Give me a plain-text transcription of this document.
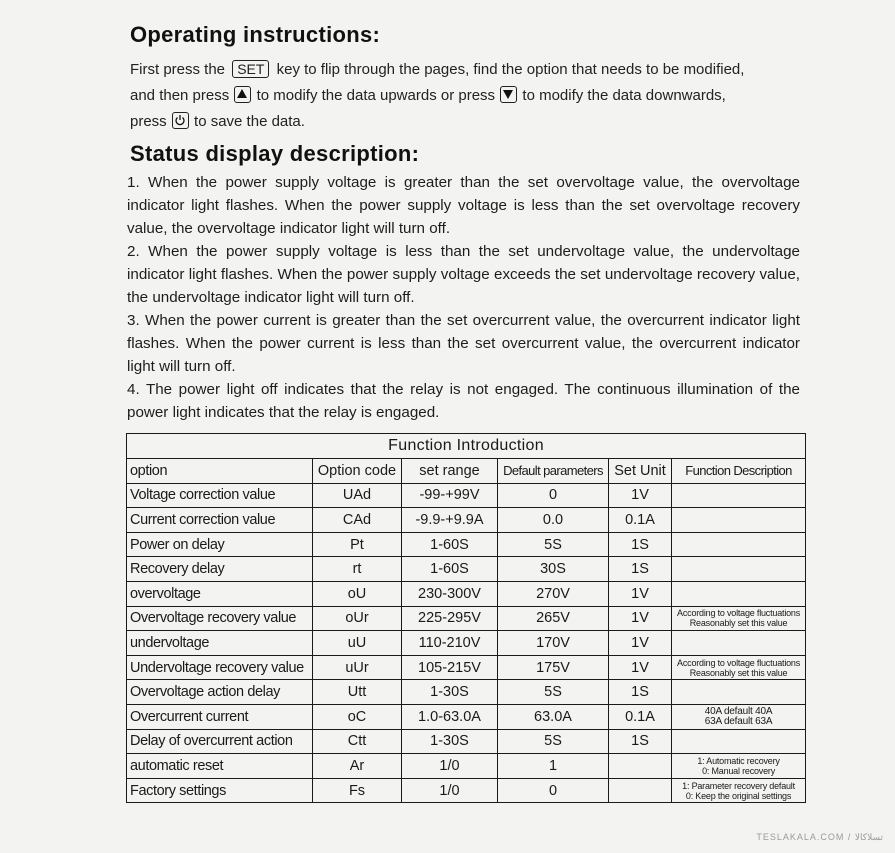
Operating instructions:
First press the SET key to flip through the pages, find the option that needs to be modified,
and then press to modify the data upwards or press to modify the data downwards,
press to save the data.
Status display description:

1. When the power supply voltage is greater than the set overvoltage value, the overvoltage indicator light flashes. When the power supply voltage is less than the set overvoltage recovery value, the overvoltage indicator light will turn off.

2. When the power supply voltage is less than the set undervoltage value, the undervoltage indicator light flashes. When the power supply voltage exceeds the set undervoltage recovery value, the undervoltage indicator light will turn off.

3. When the power current is greater than the set overcurrent value, the overcurrent indicator light flashes. When the power current is less than the set overcurrent value, the overcurrent indicator light will turn off.

4. The power light off indicates that the relay is not engaged. The continuous illumination of the power light indicates that the relay is engaged.

Function Introduction					
option	Option code	set range	Default parameters	Set Unit	Function Description
Voltage correction value	UAd	-99-+99V	0	1V	

Current correction value	CAd	-9.9-+9.9A	0.0	0.1A	

Power on delay	Pt	1-60S	5S	1S	

Recovery delay	rt	1-60S	30S	1S	

overvoltage	oU	230-300V	270V	1V	

Overvoltage recovery value	oUr	225-295V	265V	1V	According to voltage fluctuations
Reasonably set this value

undervoltage	uU	110-210V	170V	1V	

Undervoltage recovery value	uUr	105-215V	175V	1V	According to voltage fluctuations
Reasonably set this value

Overvoltage action delay	Utt	1-30S	5S	1S	

Overcurrent current	oC	1.0-63.0A	63.0A	0.1A	40A default 40A
63A default 63A

Delay of overcurrent action	Ctt	1-30S	5S	1S	

automatic reset	Ar	1/0	1		1: Automatic recovery
0: Manual recovery

Factory settings	Fs	1/0	0		1: Parameter recovery default
0: Keep the original settings
TESLAKALA.COM / تسلاکالا
